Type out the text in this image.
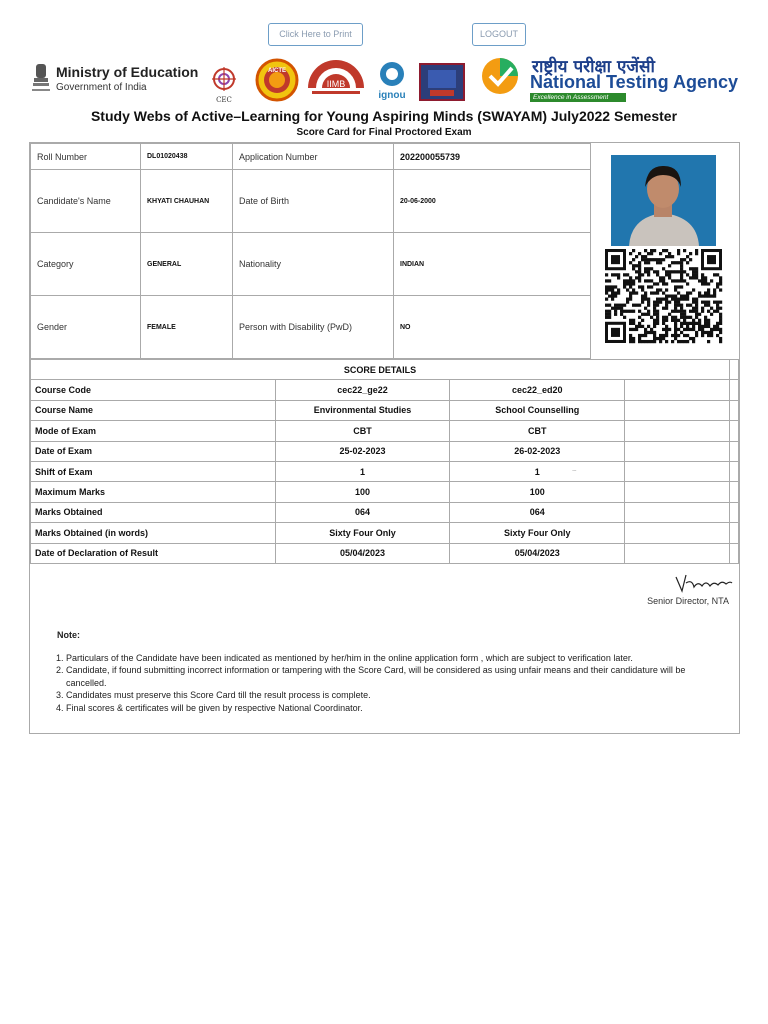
Click Here to Print	LOGOUT
Ministry of Education
Government of India
CEC
AICTE
IIMB
ignou
राष्ट्रीय परीक्षा एजेंसी
National Testing Agency
Excellence in Assessment
Study Webs of Active–Learning for Young Aspiring Minds (SWAYAM) July2022 Semester
Score Card for Final Proctored Exam
Roll Number	DL01020438	Application Number	202200055739
Candidate's Name	KHYATI CHAUHAN	Date of Birth	20-06-2000
Category	GENERAL	Nationality	INDIAN
Gender	FEMALE	Person with Disability (PwD)	NO
SCORE DETAILS				
Course Code	cec22_ge22	cec22_ed20		
Course Name	Environmental Studies	School Counselling		
Mode of Exam	CBT	CBT		
Date of Exam	25-02-2023	26-02-2023		
Shift of Exam	1	1		
Maximum Marks	100	100		
Marks Obtained	064	064		
Marks Obtained (in words)	Sixty Four Only	Sixty Four Only		
Date of Declaration of Result	05/04/2023	05/04/2023		
VVaradar
Senior Director, NTA
Note:
1. Particulars of the Candidate have been indicated as mentioned by her/him in the online application form , which are subject to verification later.
2. Candidate, if found submitting incorrect information or tampering with the Score Card, will be considered as using unfair means and their candidature will be cancelled.
3. Candidates must preserve this Score Card till the result process is complete.
4. Final scores & certificates will be given by respective National Coordinator.
